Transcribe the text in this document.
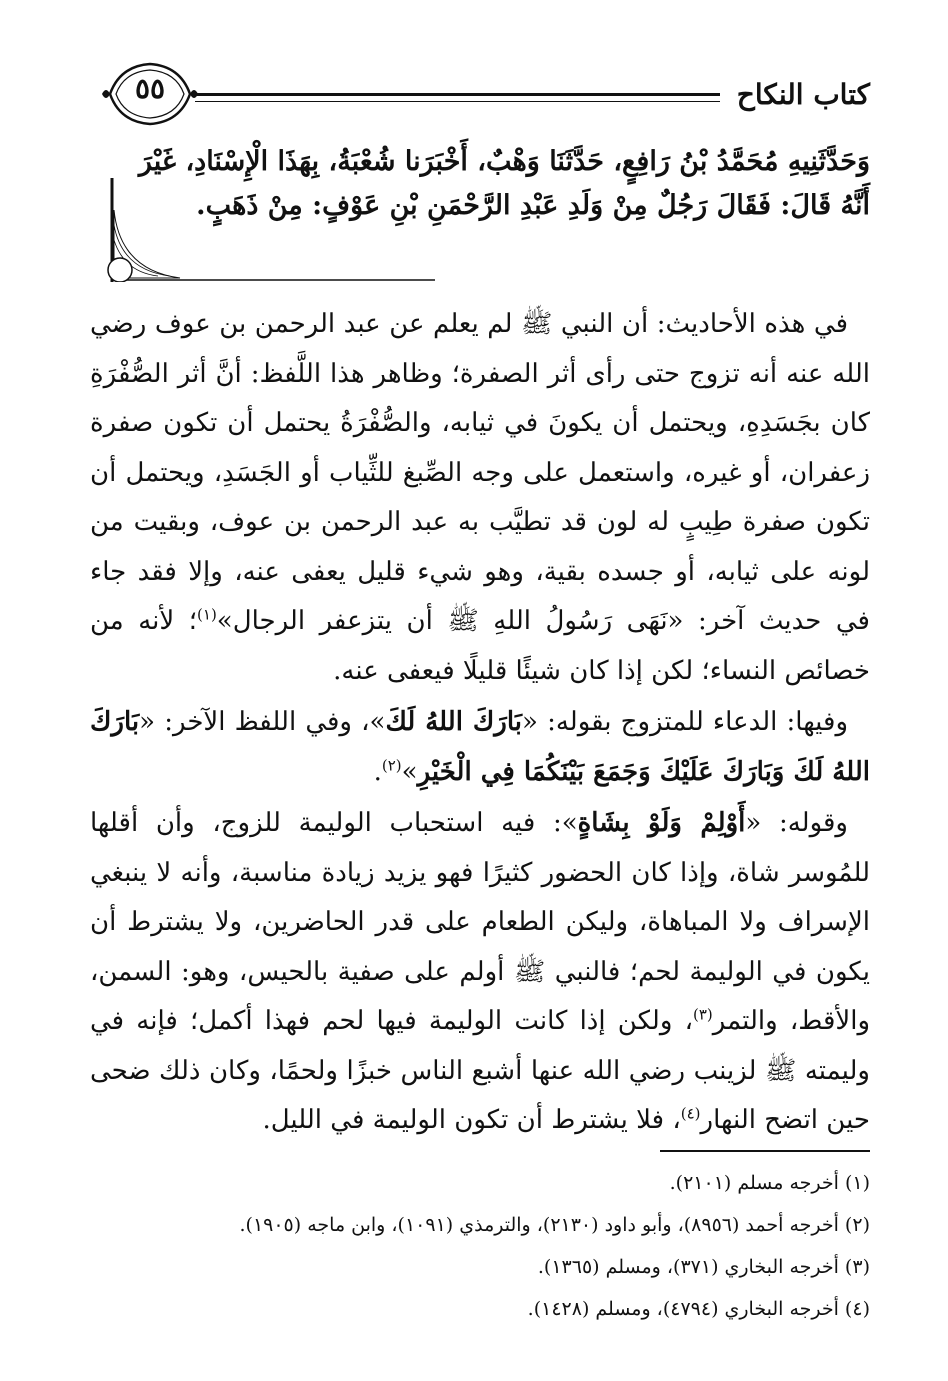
٥٥	كتاب النكاح
وَحَدَّثَنِيهِ مُحَمَّدُ بْنُ رَافِعٍ، حَدَّثَنَا وَهْبٌ، أَخْبَرَنا شُعْبَةُ، بِهَذَا الْإِسْنَادِ، غَيْرَ
أَنَّهُ قَالَ: فَقَالَ رَجُلٌ مِنْ وَلَدِ عَبْدِ الرَّحْمَنِ بْنِ عَوْفٍ: مِنْ ذَهَبٍ.

في هذه الأحاديث: أن النبي ﷺ لم يعلم عن عبد الرحمن بن عوف رضي الله عنه أنه تزوج حتى رأى أثر الصفرة؛ وظاهر هذا اللَّفظ: أنَّ أثر الصُّفْرَةِ كان بجَسَدِهِ، ويحتمل أن يكونَ في ثيابه، والصُّفْرَةُ يحتمل أن تكون صفرة زعفران، أو غيره، واستعمل على وجه الصِّبغ للثِّياب أو الجَسَدِ، ويحتمل أن تكون صفرة طِيبٍ له لون قد تطيَّب به عبد الرحمن بن عوف، وبقيت من لونه على ثيابه، أو جسده بقية، وهو شيء قليل يعفى عنه، وإلا فقد جاء في حديث آخر: «نَهَى رَسُولُ اللهِ ﷺ أن يتزعفر الرجال»$^{(١)}$؛ لأنه من خصائص النساء؛ لكن إذا كان شيئًا قليلًا فيعفى عنه.

وفيها: الدعاء للمتزوج بقوله: «بَارَكَ اللهُ لَكَ»، وفي اللفظ الآخر: «بَارَكَ اللهُ لَكَ وَبَارَكَ عَلَيْكَ وَجَمَعَ بَيْنَكُمَا فِي الْخَيْرِ»$^{(٢)}$.

وقوله: «أَوْلِمْ وَلَوْ بِشَاةٍ»: فيه استحباب الوليمة للزوج، وأن أقلها للمُوسر شاة، وإذا كان الحضور كثيرًا فهو يزيد زيادة مناسبة، وأنه لا ينبغي الإسراف ولا المباهاة، وليكن الطعام على قدر الحاضرين، ولا يشترط أن يكون في الوليمة لحم؛ فالنبي ﷺ أولم على صفية بالحيس، وهو: السمن، والأقط، والتمر$^{(٣)}$، ولكن إذا كانت الوليمة فيها لحم فهذا أكمل؛ فإنه في وليمته ﷺ لزينب رضي الله عنها أشبع الناس خبزًا ولحمًا، وكان ذلك ضحى حين اتضح النهار$^{(٤)}$، فلا يشترط أن تكون الوليمة في الليل.

(١) أخرجه مسلم (٢١٠١).
(٢) أخرجه أحمد (٨٩٥٦)، وأبو داود (٢١٣٠)، والترمذي (١٠٩١)، وابن ماجه (١٩٠٥).
(٣) أخرجه البخاري (٣٧١)، ومسلم (١٣٦٥).
(٤) أخرجه البخاري (٤٧٩٤)، ومسلم (١٤٢٨).
